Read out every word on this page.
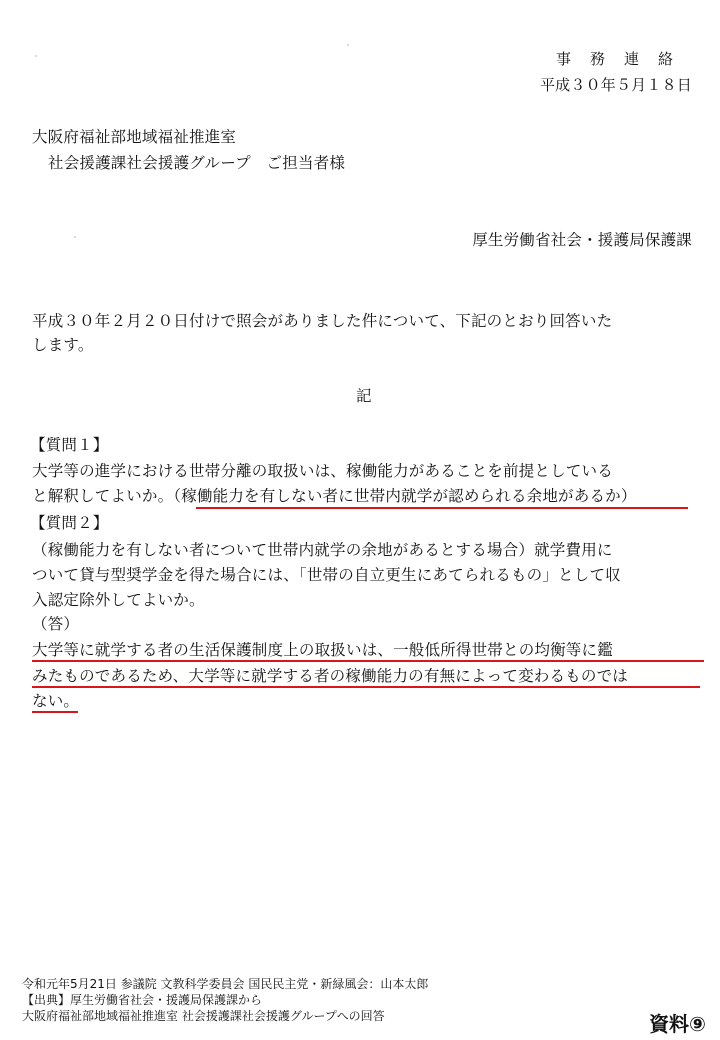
事務連絡
平成３０年５月１８日
大阪府福祉部地域福祉推進室
社会援護課社会援護グループ　ご担当者様
厚生労働省社会・援護局保護課
平成３０年２月２０日付けで照会がありました件について、下記のとおり回答いた
します。
記
【質問１】
大学等の進学における世帯分離の取扱いは、稼働能力があることを前提としている
と解釈してよいか。（稼働能力を有しない者に世帯内就学が認められる余地があるか）
【質問２】
（稼働能力を有しない者について世帯内就学の余地があるとする場合）就学費用に
ついて貸与型奨学金を得た場合には、「世帯の自立更生にあてられるもの」として収
入認定除外してよいか。
（答）
大学等に就学する者の生活保護制度上の取扱いは、一般低所得世帯との均衡等に鑑
みたものであるため、大学等に就学する者の稼働能力の有無によって変わるものでは
ない。
令和元年5月21日 参議院 文教科学委員会 国民民主党・新緑風会：山本太郎
【出典】厚生労働省社会・援護局保護課から
大阪府福祉部地域福祉推進室 社会援護課社会援護グループへの回答	資料⑨
